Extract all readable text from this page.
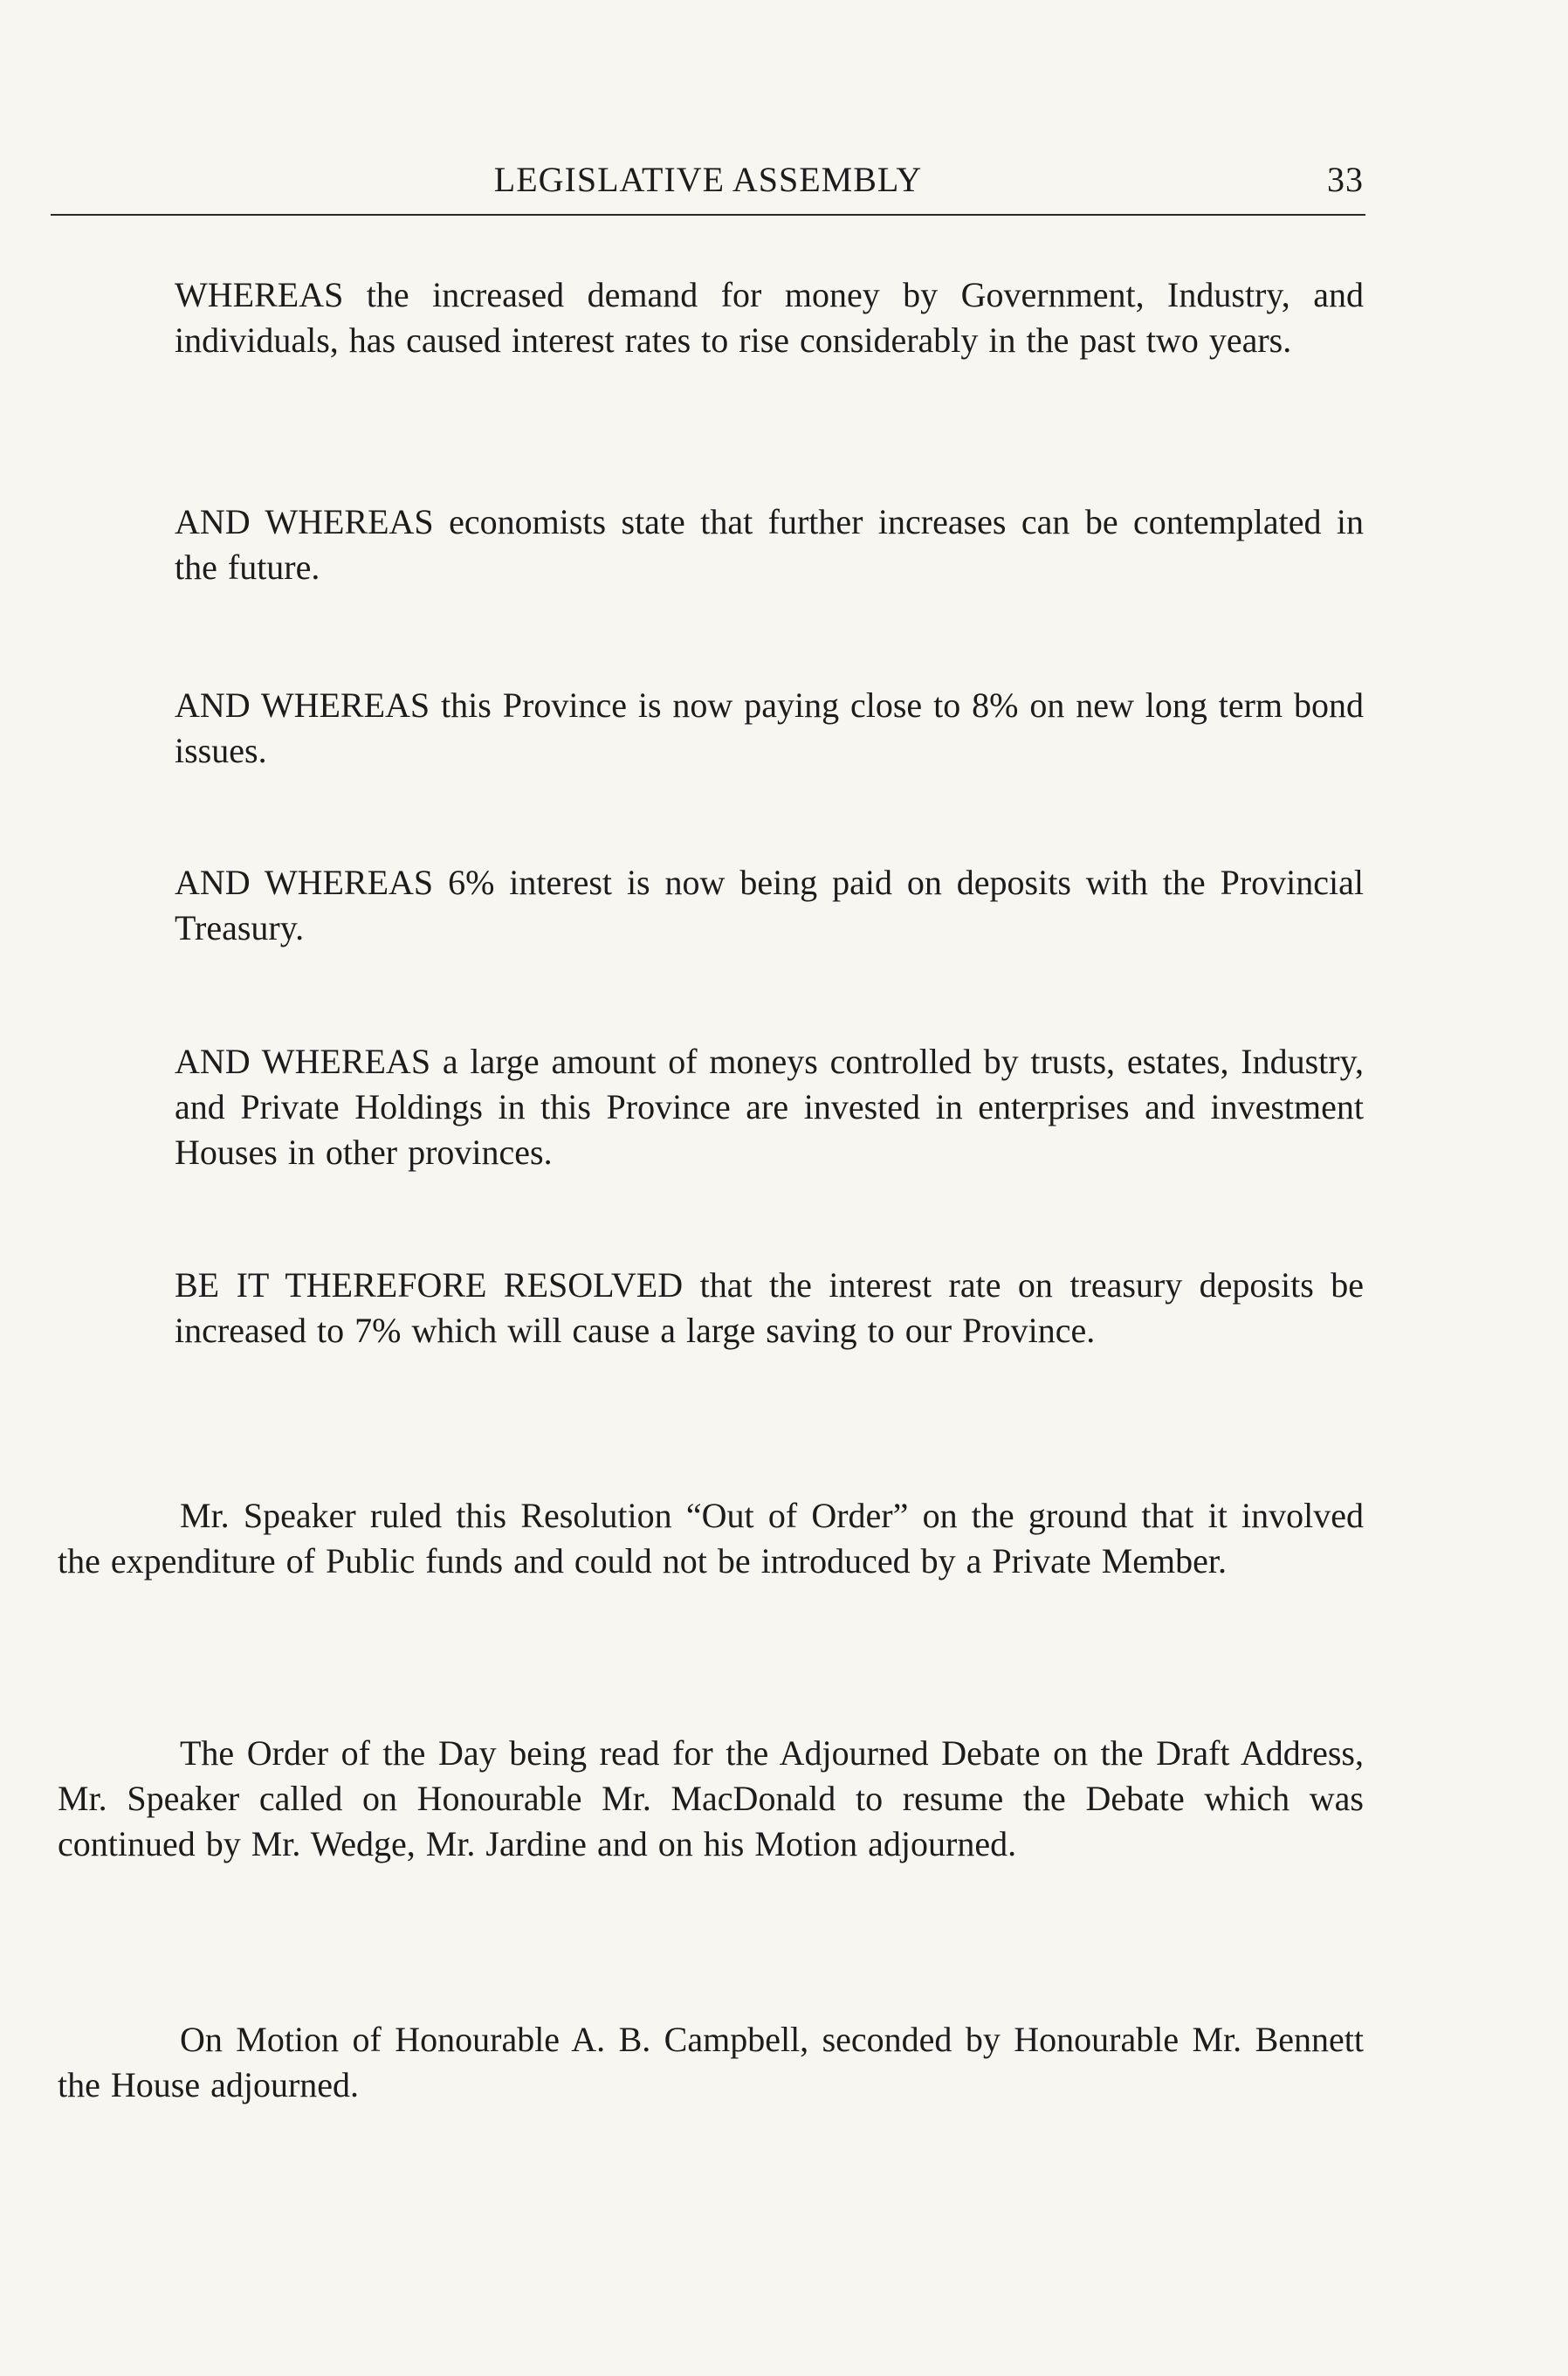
LEGISLATIVE ASSEMBLY	33

WHEREAS the increased demand for money by Government, Industry, and individuals, has caused interest rates to rise considerably in the past two years.

AND WHEREAS economists state that further increases can be contemplated in the future.

AND WHEREAS this Province is now paying close to 8% on new long term bond issues.

AND WHEREAS 6% interest is now being paid on deposits with the Provincial Treasury.

AND WHEREAS a large amount of moneys controlled by trusts, estates, Industry, and Private Holdings in this Province are invested in enterprises and investment Houses in other provinces.

BE IT THEREFORE RESOLVED that the interest rate on treasury deposits be increased to 7% which will cause a large saving to our Province.

Mr. Speaker ruled this Resolution “Out of Order” on the ground that it involved the expenditure of Public funds and could not be introduced by a Private Member.

The Order of the Day being read for the Adjourned Debate on the Draft Address, Mr. Speaker called on Honourable Mr. MacDonald to resume the Debate which was continued by Mr. Wedge, Mr. Jardine and on his Motion adjourned.

On Motion of Honourable A. B. Campbell, seconded by Honourable Mr. Bennett the House adjourned.
